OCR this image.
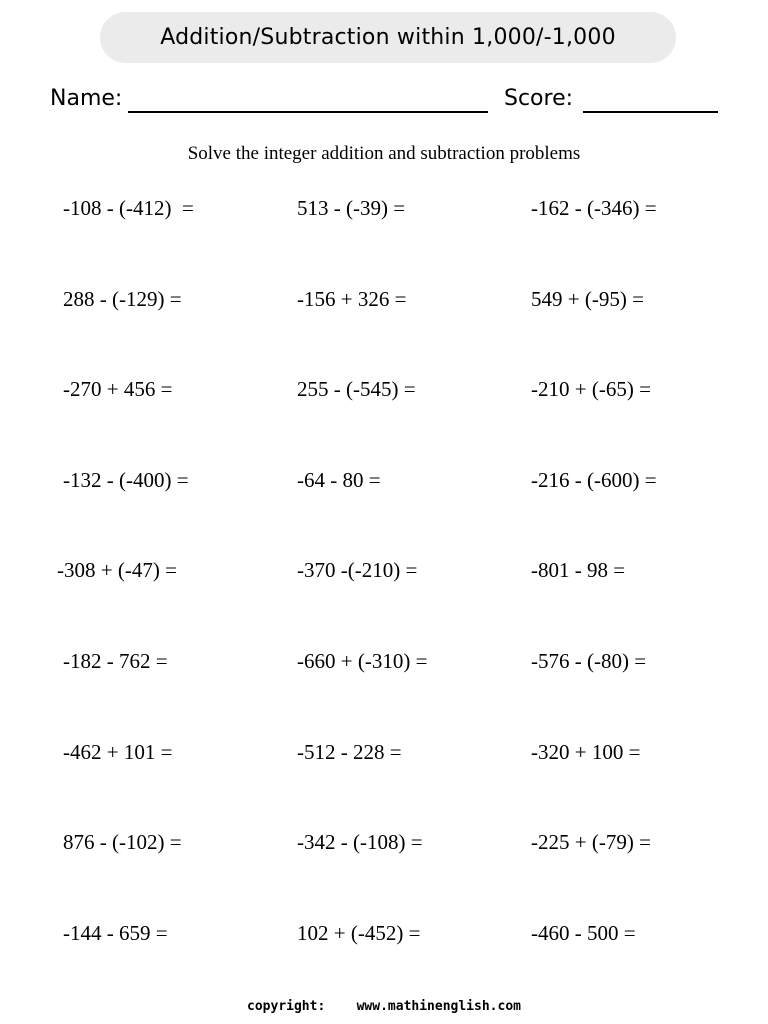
Addition/Subtraction within 1,000/-1,000
Name:	Score:
Solve the integer addition and subtraction problems
-108 - (-412)  =	513 - (-39) =	-162 - (-346) =
288 - (-129) =	-156 + 326 =	549 + (-95) =
-270 + 456 =	255 - (-545) =	-210 + (-65) =
-132 - (-400) =	-64 - 80 =	-216 - (-600) =
-308 + (-47) =	-370 -(-210) =	-801 - 98 =
-182 - 762 =	-660 + (-310) =	-576 - (-80) =
-462 + 101 =	-512 - 228 =	-320 + 100 =
876 - (-102) =	-342 - (-108) =	-225 + (-79) =
-144 - 659 =	102 + (-452) =	-460 - 500 =
copyright: www.mathinenglish.com
